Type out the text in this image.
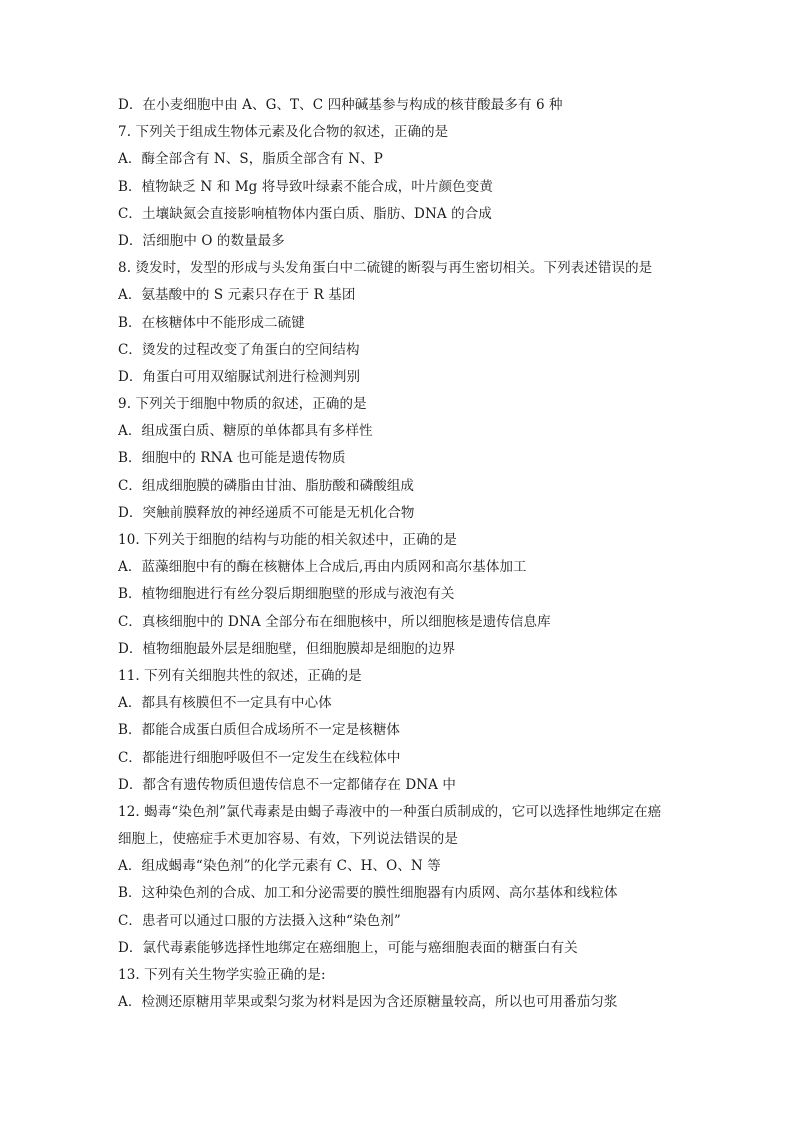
D．在小麦细胞中由 A、G、T、C 四种碱基参与构成的核苷酸最多有 6 种
7. 下列关于组成生物体元素及化合物的叙述，正确的是
A．酶全部含有 N、S，脂质全部含有 N、P
B．植物缺乏 N 和 Mg 将导致叶绿素不能合成，叶片颜色变黄
C．土壤缺氮会直接影响植物体内蛋白质、脂肪、DNA 的合成
D．活细胞中 O 的数量最多
8. 烫发时，发型的形成与头发角蛋白中二硫键的断裂与再生密切相关。下列表述错误的是
A．氨基酸中的 S 元素只存在于 R 基团
B．在核糖体中不能形成二硫键
C．烫发的过程改变了角蛋白的空间结构
D．角蛋白可用双缩脲试剂进行检测判别
9. 下列关于细胞中物质的叙述，正确的是
A．组成蛋白质、糖原的单体都具有多样性
B．细胞中的 RNA 也可能是遗传物质
C．组成细胞膜的磷脂由甘油、脂肪酸和磷酸组成
D．突触前膜释放的神经递质不可能是无机化合物
10. 下列关于细胞的结构与功能的相关叙述中，正确的是
A．蓝藻细胞中有的酶在核糖体上合成后,再由内质网和高尔基体加工
B．植物细胞进行有丝分裂后期细胞壁的形成与液泡有关
C．真核细胞中的 DNA 全部分布在细胞核中，所以细胞核是遗传信息库
D．植物细胞最外层是细胞壁，但细胞膜却是细胞的边界
11. 下列有关细胞共性的叙述，正确的是
A．都具有核膜但不一定具有中心体
B．都能合成蛋白质但合成场所不一定是核糖体
C．都能进行细胞呼吸但不一定发生在线粒体中
D．都含有遗传物质但遗传信息不一定都储存在 DNA 中
12. 蝎毒“染色剂”氯代毒素是由蝎子毒液中的一种蛋白质制成的，它可以选择性地绑定在癌
细胞上，使癌症手术更加容易、有效，下列说法错误的是
A．组成蝎毒“染色剂”的化学元素有 C、H、O、N 等
B．这种染色剂的合成、加工和分泌需要的膜性细胞器有内质网、高尔基体和线粒体
C．患者可以通过口服的方法摄入这种“染色剂”
D．氯代毒素能够选择性地绑定在癌细胞上，可能与癌细胞表面的糖蛋白有关
13. 下列有关生物学实验正确的是:
A．检测还原糖用苹果或梨匀浆为材料是因为含还原糖量较高，所以也可用番茄匀浆
